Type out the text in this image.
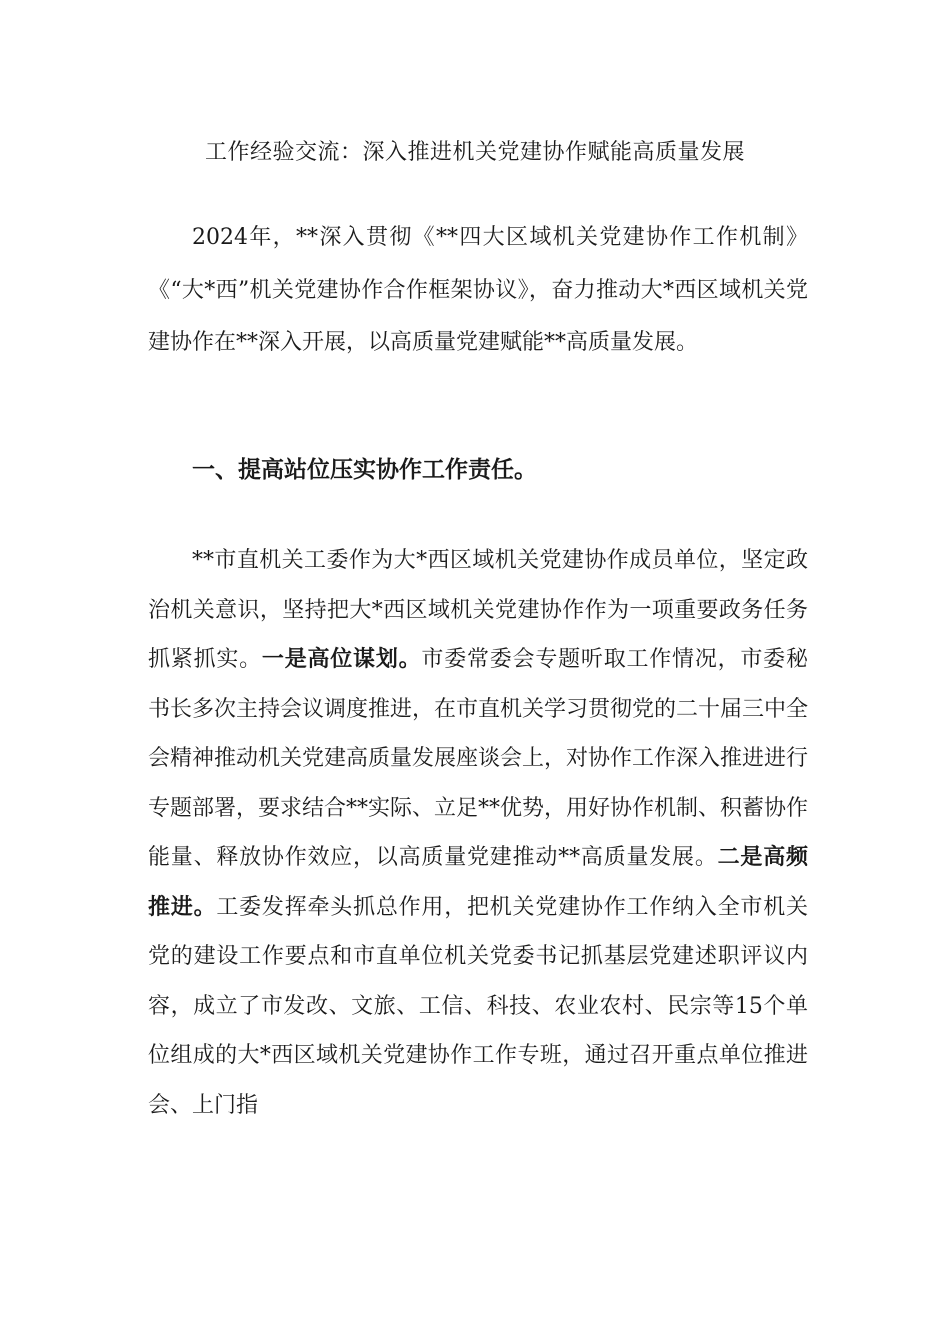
工作经验交流：深入推进机关党建协作赋能高质量发展

2024年，**深入贯彻《**四大区域机关党建协作工作机制》《“大*西”机关党建协作合作框架协议》，奋力推动大*西区域机关党建协作在**深入开展，以高质量党建赋能**高质量发展。

一、提高站位压实协作工作责任。

**市直机关工委作为大*西区域机关党建协作成员单位，坚定政治机关意识，坚持把大*西区域机关党建协作作为一项重要政务任务抓紧抓实。一是高位谋划。市委常委会专题听取工作情况，市委秘书长多次主持会议调度推进，在市直机关学习贯彻党的二十届三中全会精神推动机关党建高质量发展座谈会上，对协作工作深入推进进行专题部署，要求结合**实际、立足**优势，用好协作机制、积蓄协作能量、释放协作效应，以高质量党建推动**高质量发展。二是高频推进。工委发挥牵头抓总作用，把机关党建协作工作纳入全市机关党的建设工作要点和市直单位机关党委书记抓基层党建述职评议内容，成立了市发改、文旅、工信、科技、农业农村、民宗等15个单位组成的大*西区域机关党建协作工作专班，通过召开重点单位推进会、上门指
